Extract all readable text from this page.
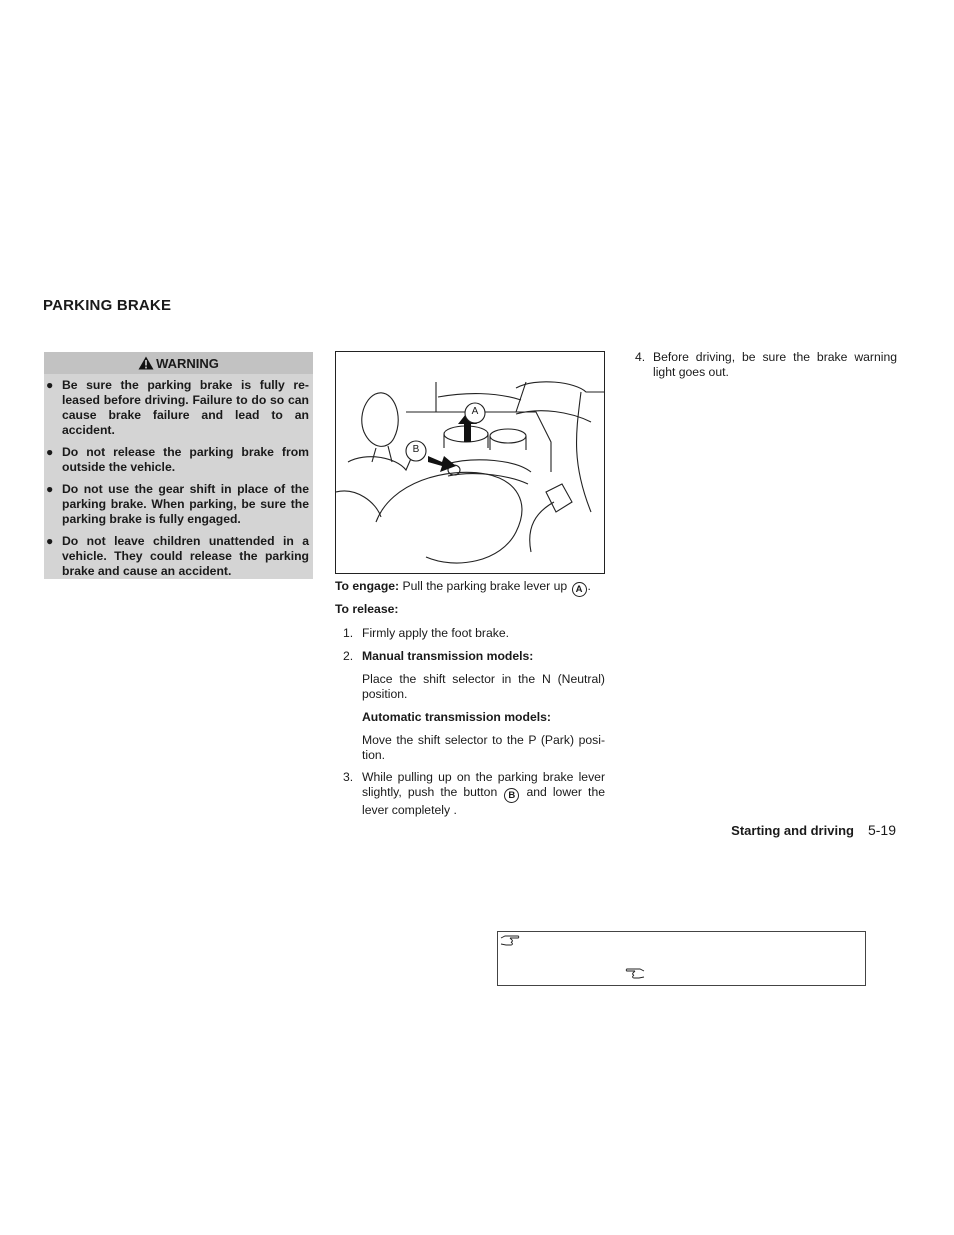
PARKING BRAKE
WARNING
● Be sure the parking brake is fully re-leased before driving. Failure to do so can cause brake failure and lead to an accident.
● Do not release the parking brake from outside the vehicle.
● Do not use the gear shift in place of the parking brake. When parking, be sure the parking brake is fully engaged.
● Do not leave children unattended in a vehicle. They could release the parking brake and cause an accident.
A
B
To engage: Pull the parking brake lever up A .
To release:
1. Firmly apply the foot brake.
2. Manual transmission models:
Place the shift selector in the N (Neutral) position.
Automatic transmission models:
Move the shift selector to the P (Park) posi-tion.
3. While pulling up on the parking brake lever slightly, push the button B and lower the lever completely .
4. Before driving, be sure the brake warning light goes out.
Starting and driving 5-19
